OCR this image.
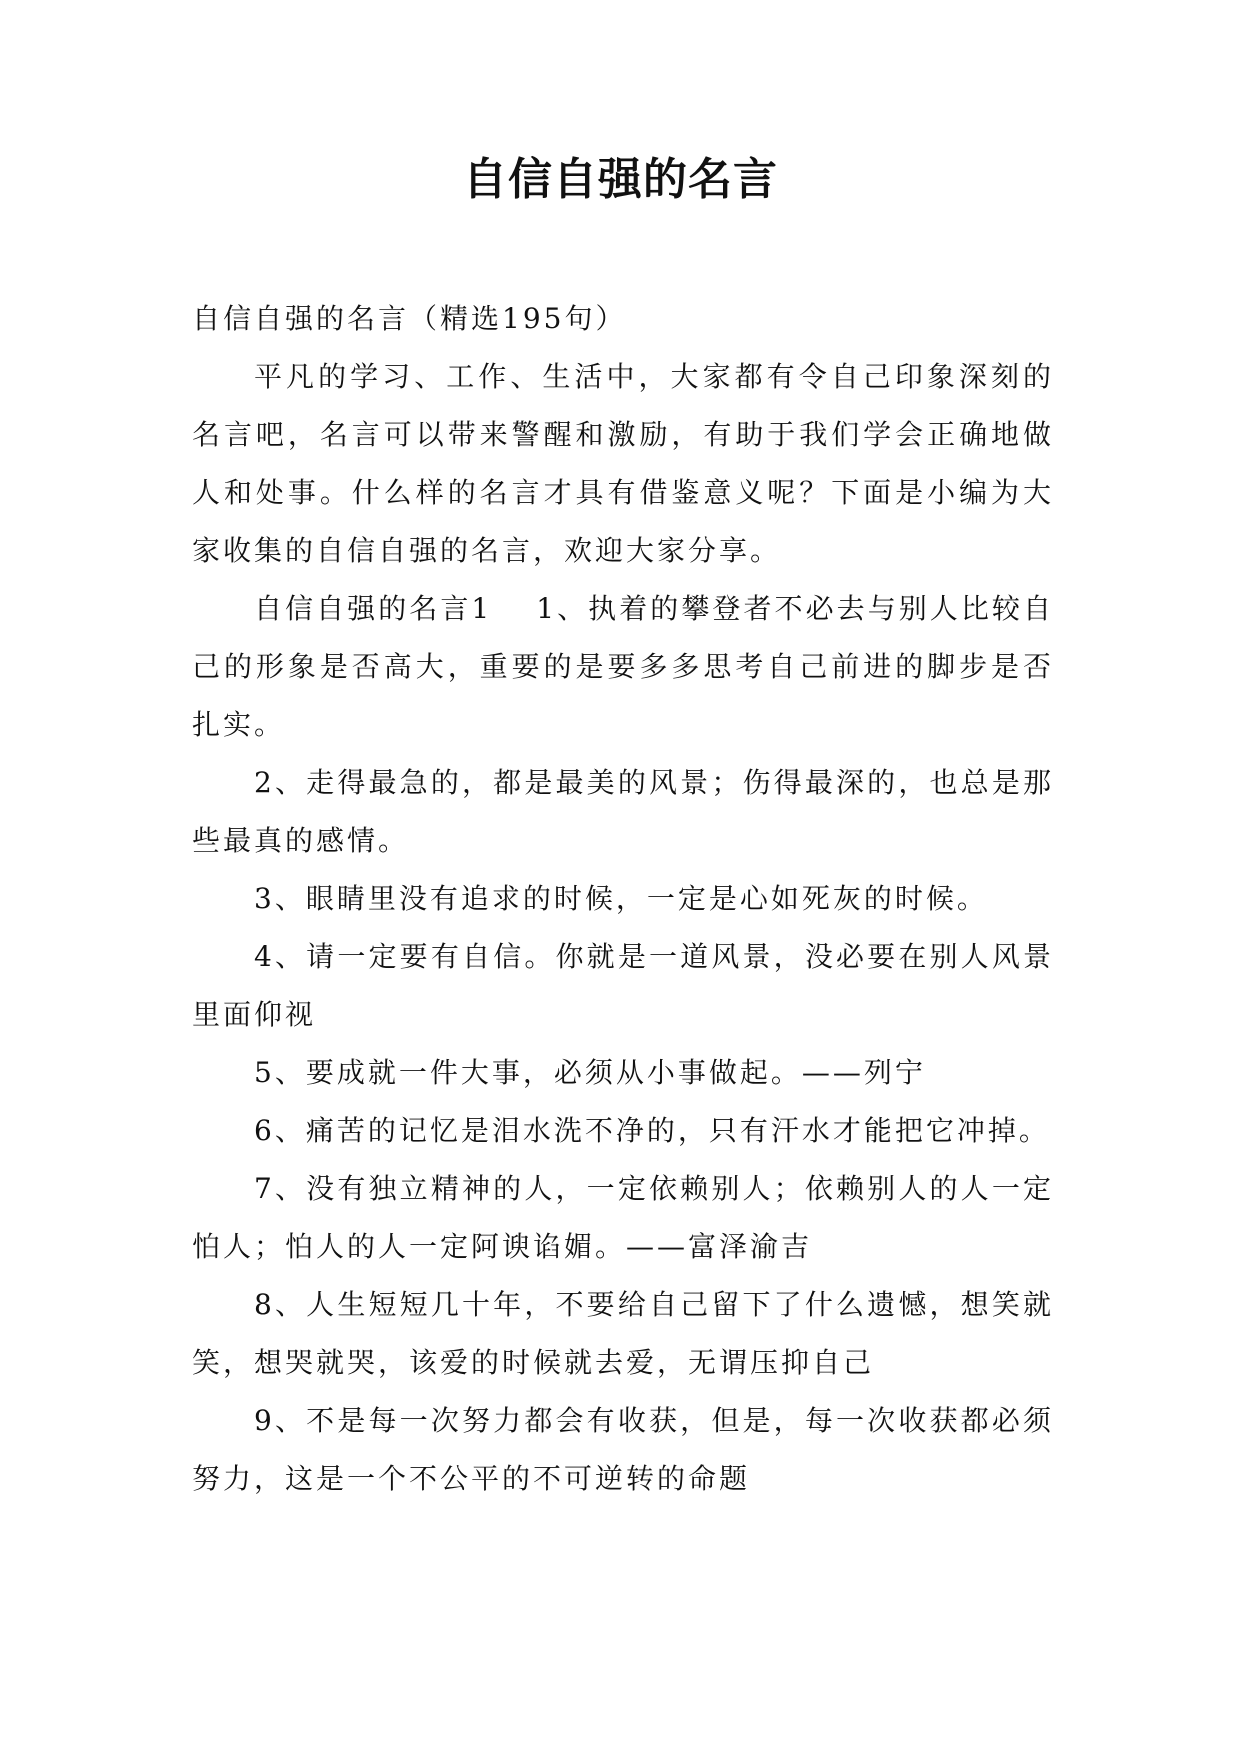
自信自强的名言

自信自强的名言（精选195句）

平凡的学习、工作、生活中，大家都有令自己印象深刻的名言吧，名言可以带来警醒和激励，有助于我们学会正确地做人和处事。什么样的名言才具有借鉴意义呢？下面是小编为大家收集的自信自强的名言，欢迎大家分享。

自信自强的名言1 1、执着的攀登者不必去与别人比较自己的形象是否高大，重要的是要多多思考自己前进的脚步是否扎实。

2、走得最急的，都是最美的风景；伤得最深的，也总是那些最真的感情。

3、眼睛里没有追求的时候，一定是心如死灰的时候。

4、请一定要有自信。你就是一道风景，没必要在别人风景里面仰视

5、要成就一件大事，必须从小事做起。——列宁

6、痛苦的记忆是泪水洗不净的，只有汗水才能把它冲掉。

7、没有独立精神的人，一定依赖别人；依赖别人的人一定怕人；怕人的人一定阿谀谄媚。——富泽渝吉

8、人生短短几十年，不要给自己留下了什么遗憾，想笑就笑，想哭就哭，该爱的时候就去爱，无谓压抑自己

9、不是每一次努力都会有收获，但是，每一次收获都必须努力，这是一个不公平的不可逆转的命题
